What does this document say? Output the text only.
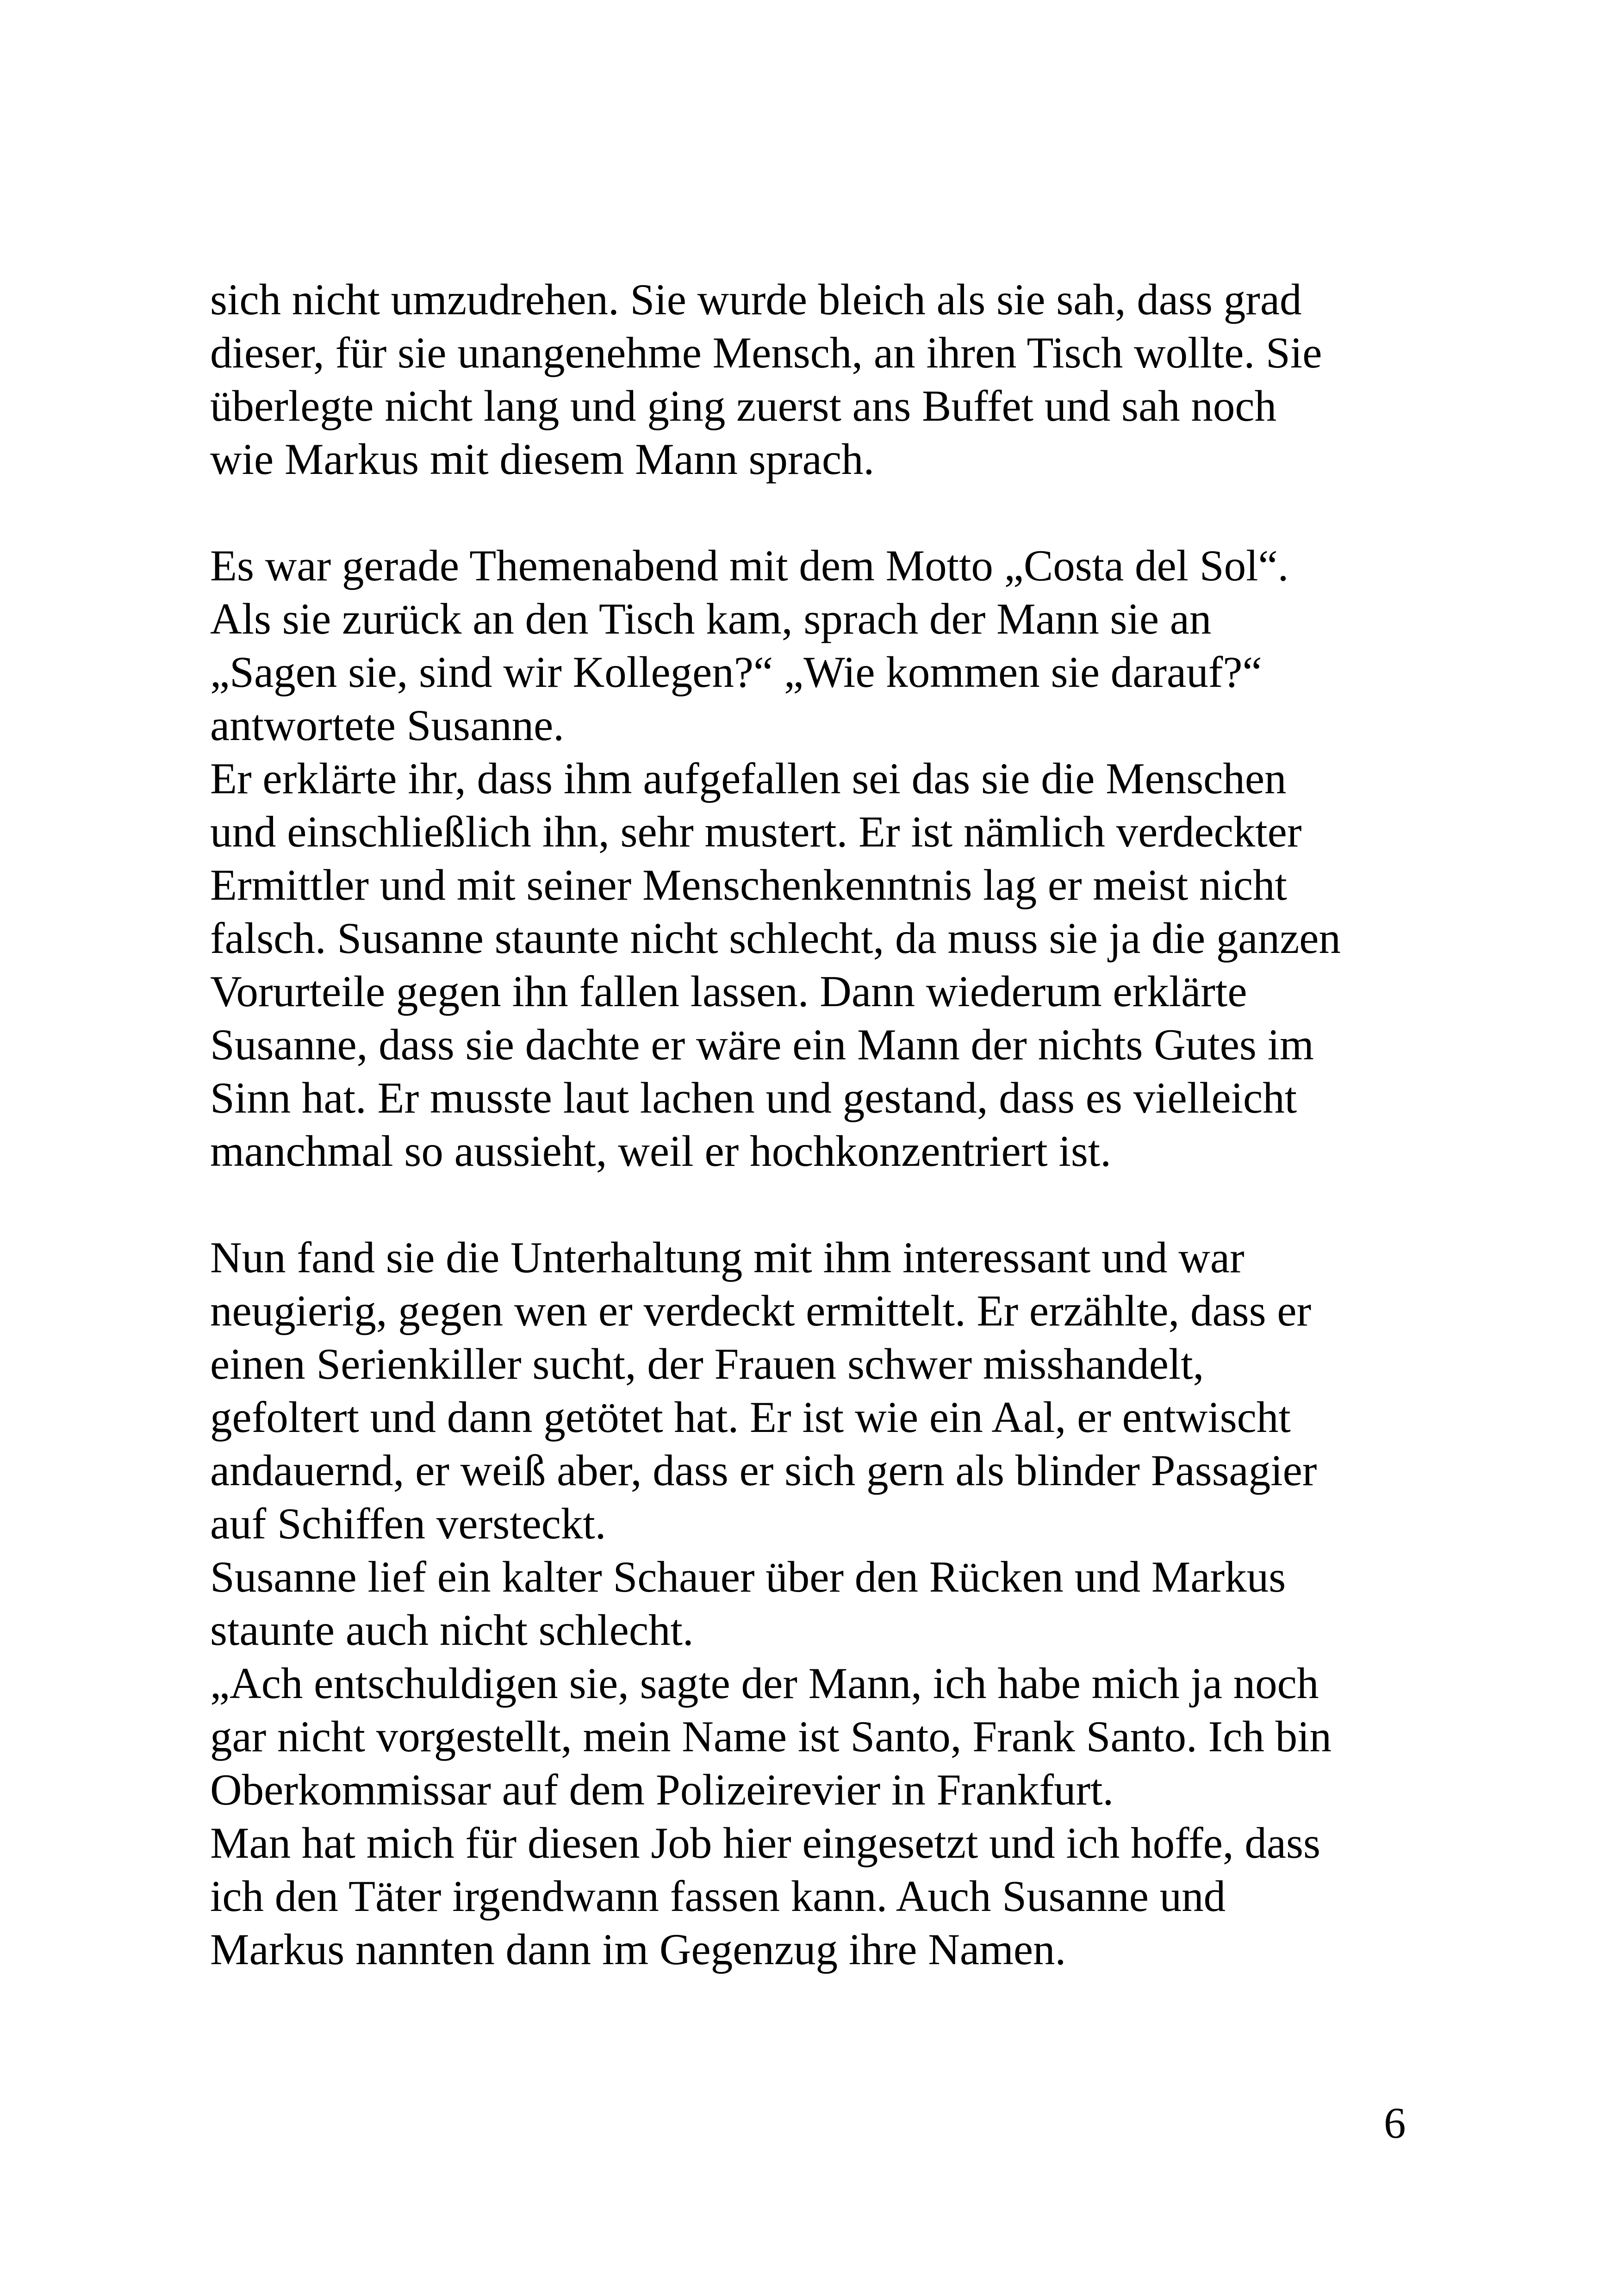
sich nicht umzudrehen. Sie wurde bleich als sie sah, dass grad
dieser, für sie unangenehme Mensch, an ihren Tisch wollte. Sie
überlegte nicht lang und ging zuerst ans Buffet und sah noch
wie Markus mit diesem Mann sprach.
Es war gerade Themenabend mit dem Motto „Costa del Sol“.
Als sie zurück an den Tisch kam, sprach der Mann sie an
„Sagen sie, sind wir Kollegen?“ „Wie kommen sie darauf?“
antwortete Susanne.
Er erklärte ihr, dass ihm aufgefallen sei das sie die Menschen
und einschließlich ihn, sehr mustert. Er ist nämlich verdeckter
Ermittler und mit seiner Menschenkenntnis lag er meist nicht
falsch. Susanne staunte nicht schlecht, da muss sie ja die ganzen
Vorurteile gegen ihn fallen lassen. Dann wiederum erklärte
Susanne, dass sie dachte er wäre ein Mann der nichts Gutes im
Sinn hat. Er musste laut lachen und gestand, dass es vielleicht
manchmal so aussieht, weil er hochkonzentriert ist.
Nun fand sie die Unterhaltung mit ihm interessant und war
neugierig, gegen wen er verdeckt ermittelt. Er erzählte, dass er
einen Serienkiller sucht, der Frauen schwer misshandelt,
gefoltert und dann getötet hat. Er ist wie ein Aal, er entwischt
andauernd, er weiß aber, dass er sich gern als blinder Passagier
auf Schiffen versteckt.
Susanne lief ein kalter Schauer über den Rücken und Markus
staunte auch nicht schlecht.
„Ach entschuldigen sie, sagte der Mann, ich habe mich ja noch
gar nicht vorgestellt, mein Name ist Santo, Frank Santo. Ich bin
Oberkommissar auf dem Polizeirevier in Frankfurt.
Man hat mich für diesen Job hier eingesetzt und ich hoffe, dass
ich den Täter irgendwann fassen kann. Auch Susanne und
Markus nannten dann im Gegenzug ihre Namen.
6
